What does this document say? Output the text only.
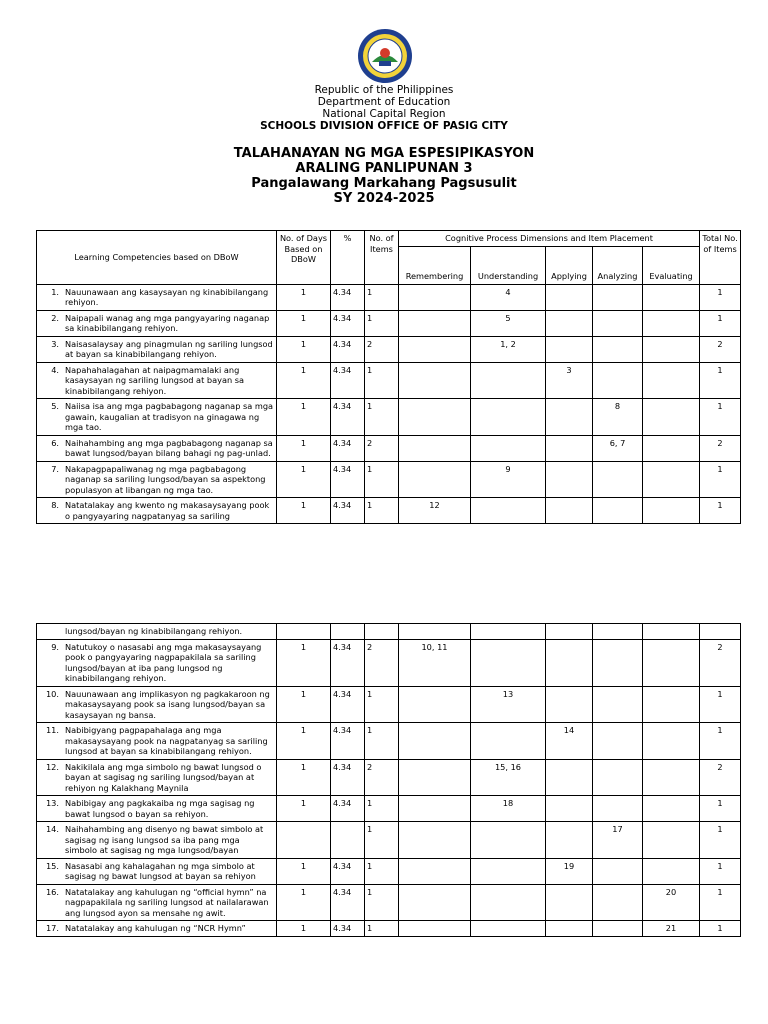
Republic of the Philippines
Department of Education
National Capital Region
SCHOOLS DIVISION OFFICE OF PASIG CITY
TALAHANAYAN NG MGA ESPESIPIKASYON
ARALING PANLIPUNAN 3
Pangalawang Markahang Pagsusulit
SY 2024-2025
Learning Competencies based on DBoW	No. of Days Based on DBoW	%	No. of Items	Cognitive Process Dimensions and Item Placement					Total No. of Items
				Remembering	Understanding	Applying	Analyzing	Evaluating	

1. Nauunawaan ang kasaysayan ng kinabibilangang rehiyon.	1	4.34	1		4				1

2. Naipapali wanag ang mga pangyayaring naganap sa kinabibilangang rehiyon.	1	4.34	1		5				1

3. Naisasalaysay ang pinagmulan ng sariling lungsod at bayan sa kinabibilangang rehiyon.	1	4.34	2		1, 2				2

4. Napahahalagahan at naipagmamalaki ang kasaysayan ng sariling lungsod at bayan sa kinabibilangang rehiyon.	1	4.34	1			3			1

5. Naiisa isa ang mga pagbabagong naganap sa mga gawain, kaugalian at tradisyon na ginagawa ng mga tao.	1	4.34	1				8		1

6. Naihahambing ang mga pagbabagong naganap sa bawat lungsod/bayan bilang bahagi ng pag-unlad.	1	4.34	2				6, 7		2

7. Nakapagpapaliwanag ng mga pagbabagong naganap sa sariling lungsod/bayan sa aspektong populasyon at libangan ng mga tao.	1	4.34	1		9				1

8. Natatalakay ang kwento ng makasaysayang pook o pangyayaring nagpatanyag sa sariling	1	4.34	1	12					1
lungsod/bayan ng kinabibilangang rehiyon.									

9. Natutukoy o nasasabi ang mga makasaysayang pook o pangyayaring nagpapakilala sa sariling lungsod/bayan at iba pang lungsod ng kinabibilangang rehiyon.	1	4.34	2	10, 11					2

10. Nauunawaan ang implikasyon ng pagkakaroon ng makasaysayang pook sa isang lungsod/bayan sa kasaysayan ng bansa.	1	4.34	1		13				1

11. Nabibigyang pagpapahalaga ang mga makasaysayang pook na nagpatanyag sa sariling lungsod at bayan sa kinabibilangang rehiyon.	1	4.34	1			14			1

12. Nakikilala ang mga simbolo ng bawat lungsod o bayan at sagisag ng sariling lungsod/bayan at rehiyon ng Kalakhang Maynila	1	4.34	2		15, 16				2

13. Nabibigay ang pagkakaiba ng mga sagisag ng bawat lungsod o bayan sa rehiyon.	1	4.34	1		18				1

14. Naihahambing ang disenyo ng bawat simbolo at sagisag ng isang lungsod sa iba pang mga simbolo at sagisag ng mga lungsod/bayan			1				17		1

15. Nasasabi ang kahalagahan ng mga simbolo at sagisag ng bawat lungsod at bayan sa rehiyon	1	4.34	1			19			1

16. Natatalakay ang kahulugan ng “official hymn” na nagpapakilala ng sariling lungsod at nailalarawan ang lungsod ayon sa mensahe ng awit.	1	4.34	1					20	1

17. Natatalakay ang kahulugan ng “NCR Hymn”	1	4.34	1					21	1
